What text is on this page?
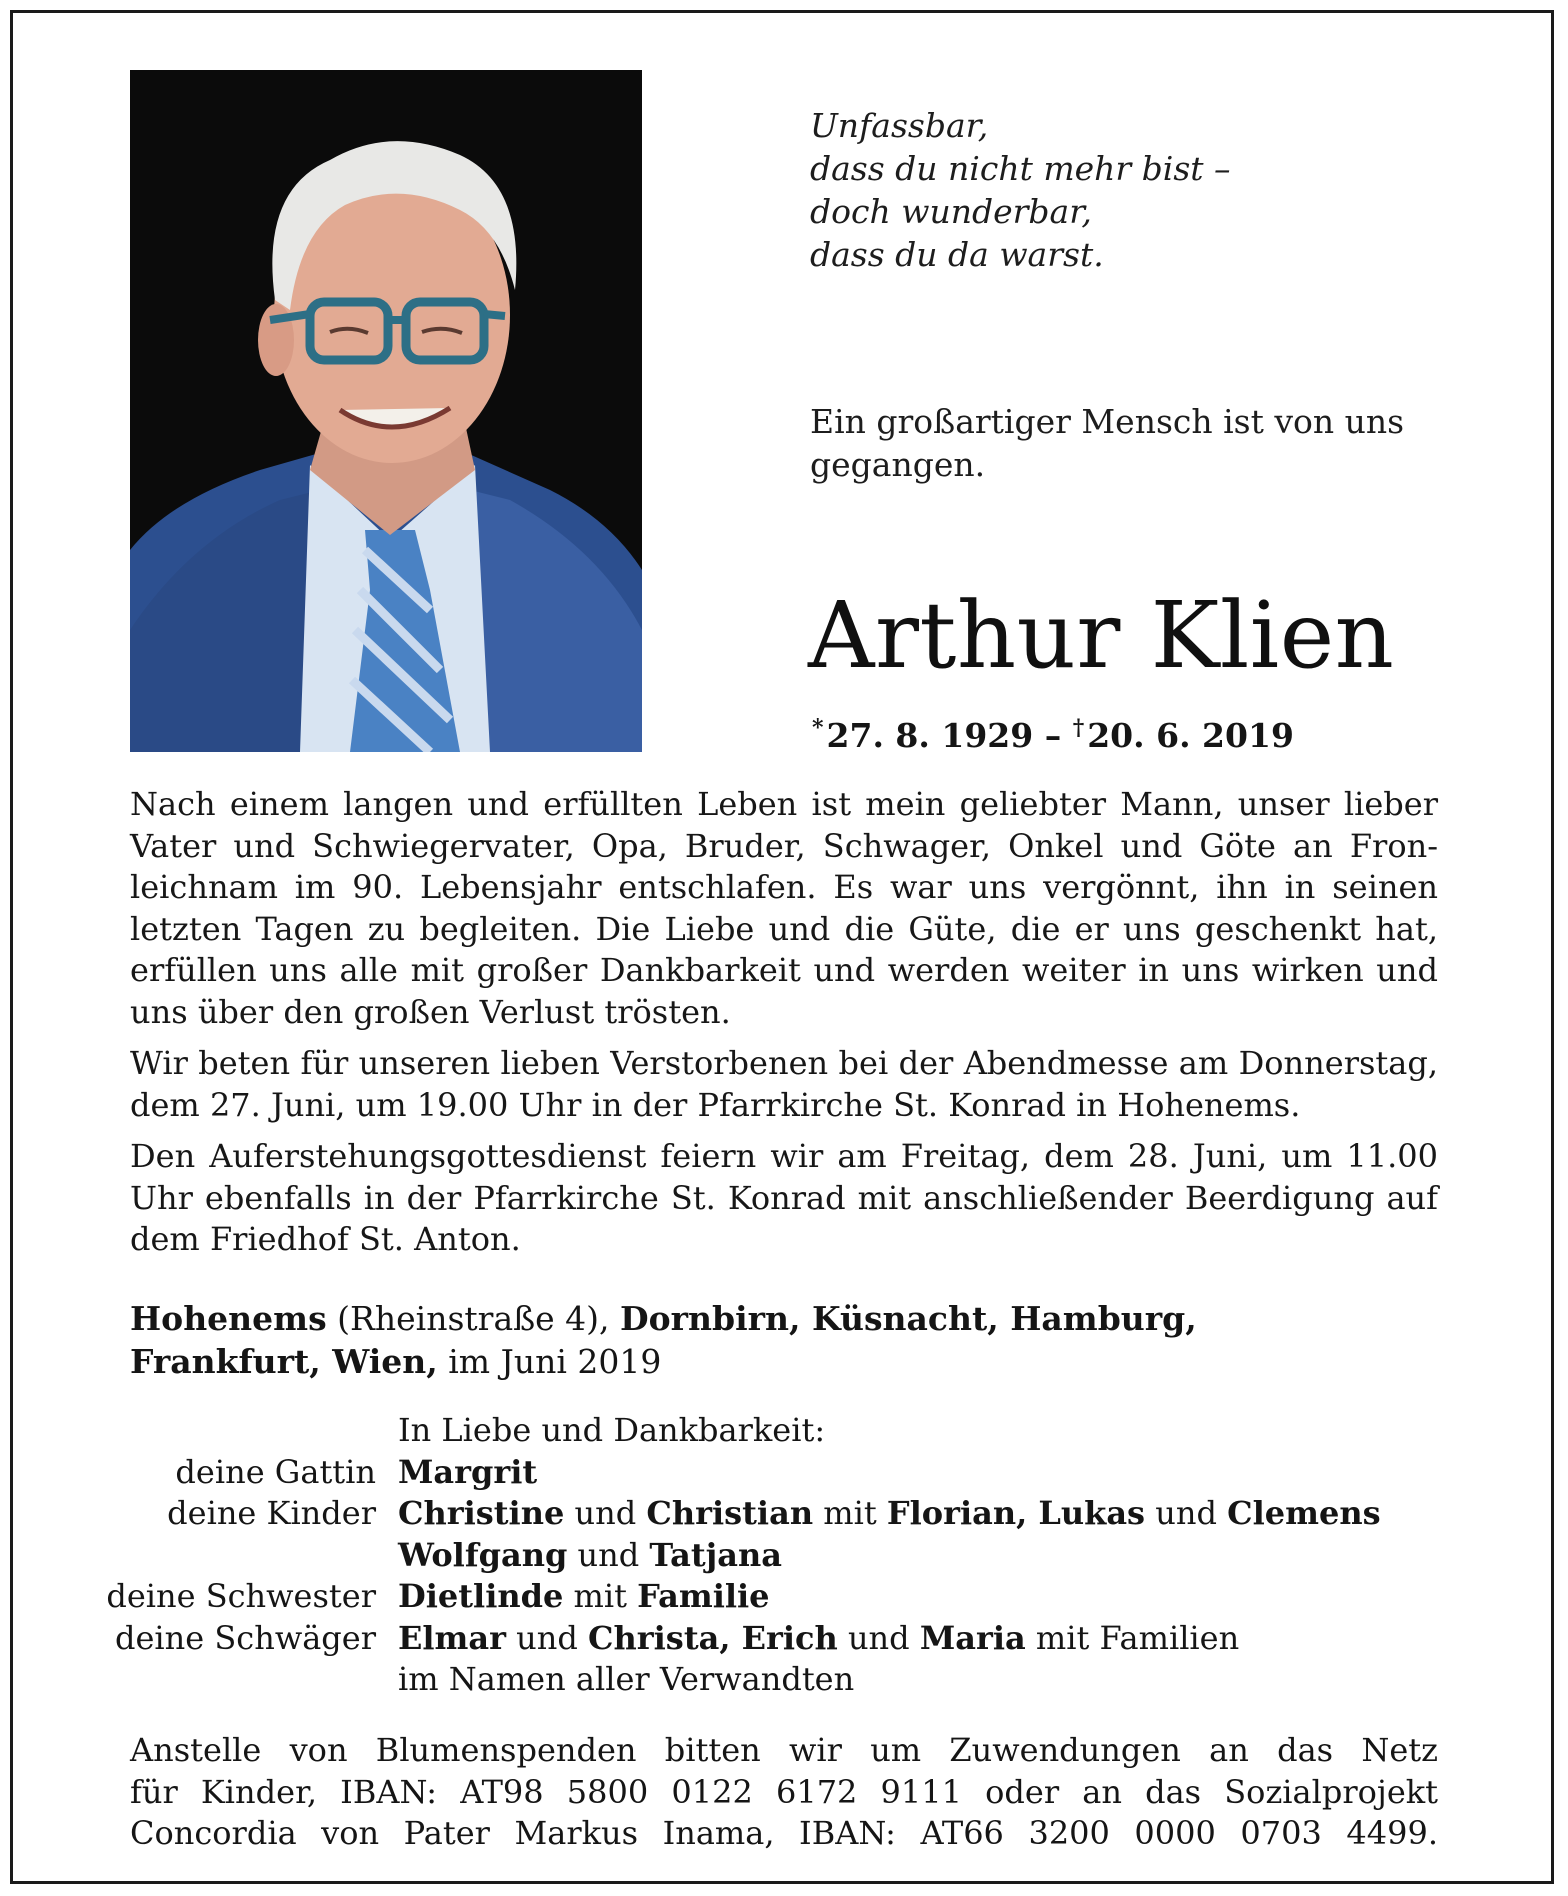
Unfassbar,
dass du nicht mehr bist –
doch wunderbar,
dass du da warst.
Ein großartiger Mensch ist von uns gegangen.
Arthur Klien
*27. 8. 1929 – †20. 6. 2019

Nach einem langen und erfüllten Leben ist mein geliebter Mann, unser lieber Vater und Schwiegervater, Opa, Bruder, Schwager, Onkel und Göte an Fronleichnam im 90. Lebensjahr entschlafen. Es war uns vergönnt, ihn in seinen letzten Tagen zu begleiten. Die Liebe und die Güte, die er uns geschenkt hat, erfüllen uns alle mit großer Dankbarkeit und werden weiter in uns wirken und uns über den großen Verlust trösten.

Wir beten für unseren lieben Verstorbenen bei der Abendmesse am Donnerstag, dem 27. Juni, um 19.00 Uhr in der Pfarrkirche St. Konrad in Hohenems.

Den Auferstehungsgottesdienst feiern wir am Freitag, dem 28. Juni, um 11.00 Uhr ebenfalls in der Pfarrkirche St. Konrad mit anschließender Beerdigung auf dem Friedhof St. Anton.

Hohenems (Rheinstraße 4), Dornbirn, Küsnacht, Hamburg,
Frankfurt, Wien, im Juni 2019
In Liebe und Dankbarkeit:
deine Gattin Margrit
deine Kinder Christine und Christian mit Florian, Lukas und Clemens
Wolfgang und Tatjana
deine Schwester Dietlinde mit Familie
deine Schwäger Elmar und Christa, Erich und Maria mit Familien
im Namen aller Verwandten
Anstelle von Blumenspenden bitten wir um Zuwendungen an das Netz
für Kinder, IBAN: AT98 5800 0122 6172 9111 oder an das Sozialprojekt
Concordia von Pater Markus Inama, IBAN: AT66 3200 0000 0703 4499.
